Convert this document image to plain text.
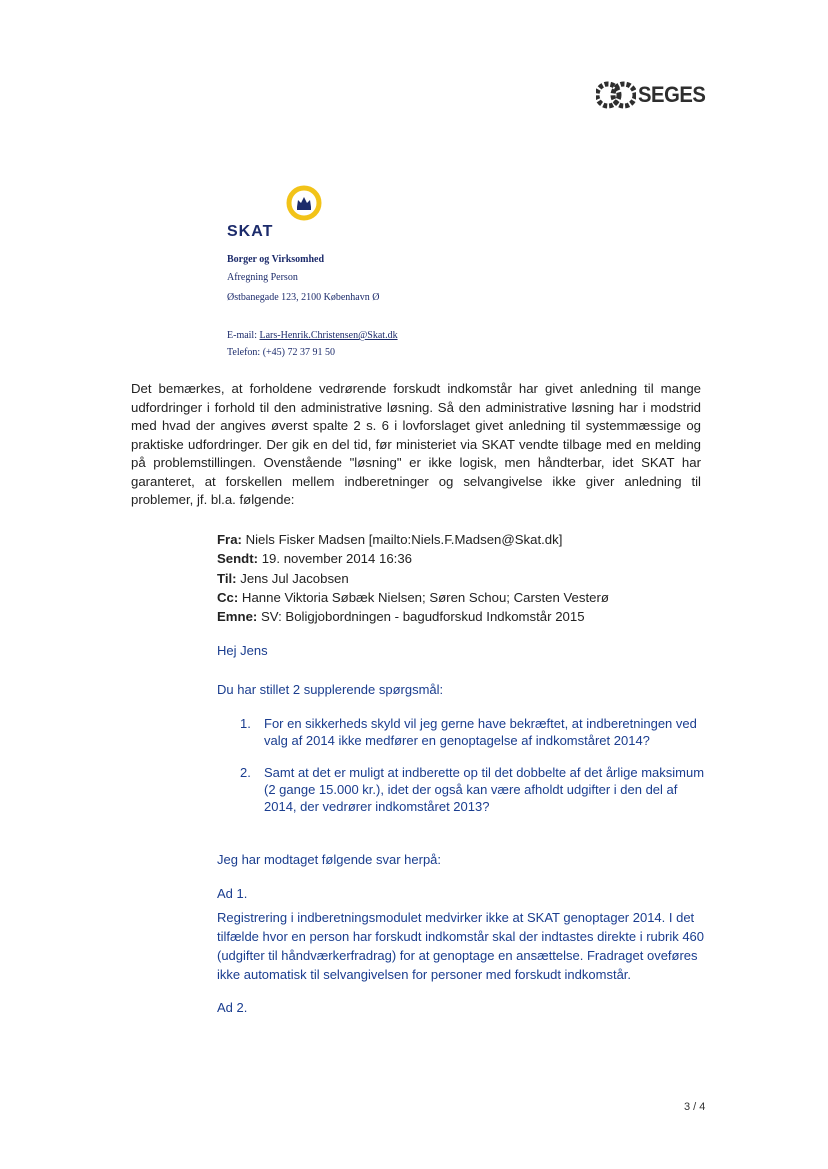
SEGES
SKAT
Borger og Virksomhed
Afregning Person
Østbanegade 123, 2100 København Ø
E-mail: Lars-Henrik.Christensen@Skat.dk
Telefon: (+45) 72 37 91 50
Det bemærkes, at forholdene vedrørende forskudt indkomstår har givet anledning til mange udfordringer i forhold til den administrative løsning. Så den administrative løsning har i modstrid med hvad der angives øverst spalte 2 s. 6 i lovforslaget givet anledning til systemmæssige og praktiske udfordringer. Der gik en del tid, før ministeriet via SKAT vendte tilbage med en melding på problemstillingen. Ovenstående "løsning" er ikke logisk, men håndterbar, idet SKAT har garanteret, at forskellen mellem indberetninger og selvangivelse ikke giver anledning til problemer, jf. bl.a. følgende:
Fra: Niels Fisker Madsen [mailto:Niels.F.Madsen@Skat.dk]
Sendt: 19. november 2014 16:36
Til: Jens Jul Jacobsen
Cc: Hanne Viktoria Søbæk Nielsen; Søren Schou; Carsten Vesterø
Emne: SV: Boligjobordningen - bagudforskud Indkomstår 2015
Hej Jens
Du har stillet 2 supplerende spørgsmål:
1. For en sikkerheds skyld vil jeg gerne have bekræftet, at indberetningen ved valg af 2014 ikke medfører en genoptagelse af indkomståret 2014?
2. Samt at det er muligt at indberette op til det dobbelte af det årlige maksimum (2 gange 15.000 kr.), idet der også kan være afholdt udgifter i den del af 2014, der vedrører indkomståret 2013?
Jeg har modtaget følgende svar herpå:
Ad 1.
Registrering i indberetningsmodulet medvirker ikke at SKAT genoptager 2014. I det tilfælde hvor en person har forskudt indkomstår skal der indtastes direkte i rubrik 460 (udgifter til håndværkerfradrag) for at genoptage en ansættelse. Fradraget oveføres ikke automatisk til selvangivelsen for personer med forskudt indkomstår.
Ad 2.
3 / 4
